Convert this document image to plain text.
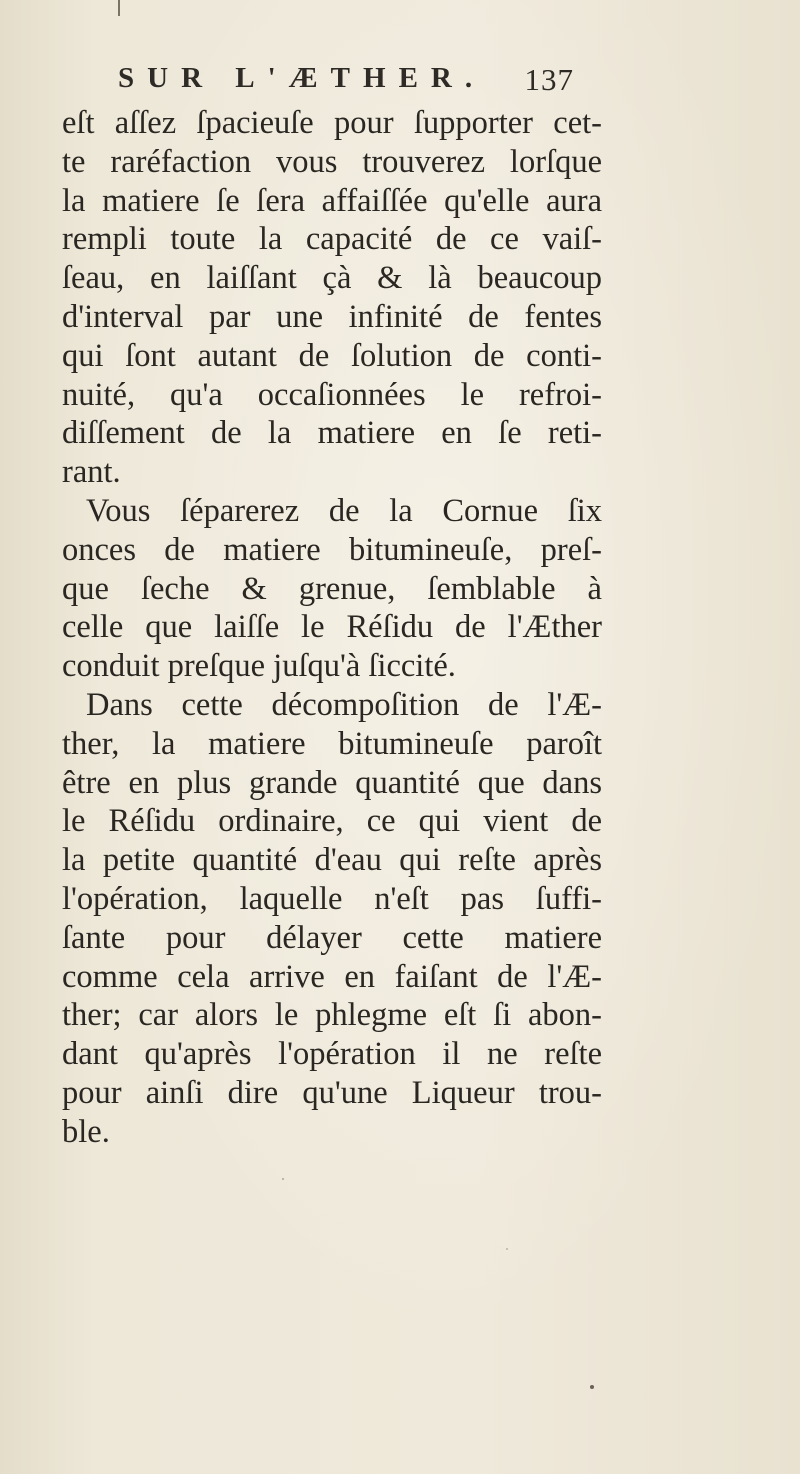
SUR L'ÆTHER. 137
eſt aſſez ſpacieuſe pour ſupporter cet-
te raréfaction vous trouverez lorſque
la matiere ſe ſera affaiſſée qu'elle aura
rempli toute la capacité de ce vaiſ-
ſeau, en laiſſant çà & là beaucoup
d'interval par une infinité de fentes
qui ſont autant de ſolution de conti-
nuité, qu'a occaſionnées le refroi-
diſſement de la matiere en ſe reti-
rant.
Vous ſéparerez de la Cornue ſix
onces de matiere bitumineuſe, preſ-
que ſeche & grenue, ſemblable à
celle que laiſſe le Réſidu de l'Æther
conduit preſque juſqu'à ſiccité.
Dans cette décompoſition de l'Æ-
ther, la matiere bitumineuſe paroît
être en plus grande quantité que dans
le Réſidu ordinaire, ce qui vient de
la petite quantité d'eau qui reſte après
l'opération, laquelle n'eſt pas ſuffi-
ſante pour délayer cette matiere
comme cela arrive en faiſant de l'Æ-
ther; car alors le phlegme eſt ſi abon-
dant qu'après l'opération il ne reſte
pour ainſi dire qu'une Liqueur trou-
ble.
